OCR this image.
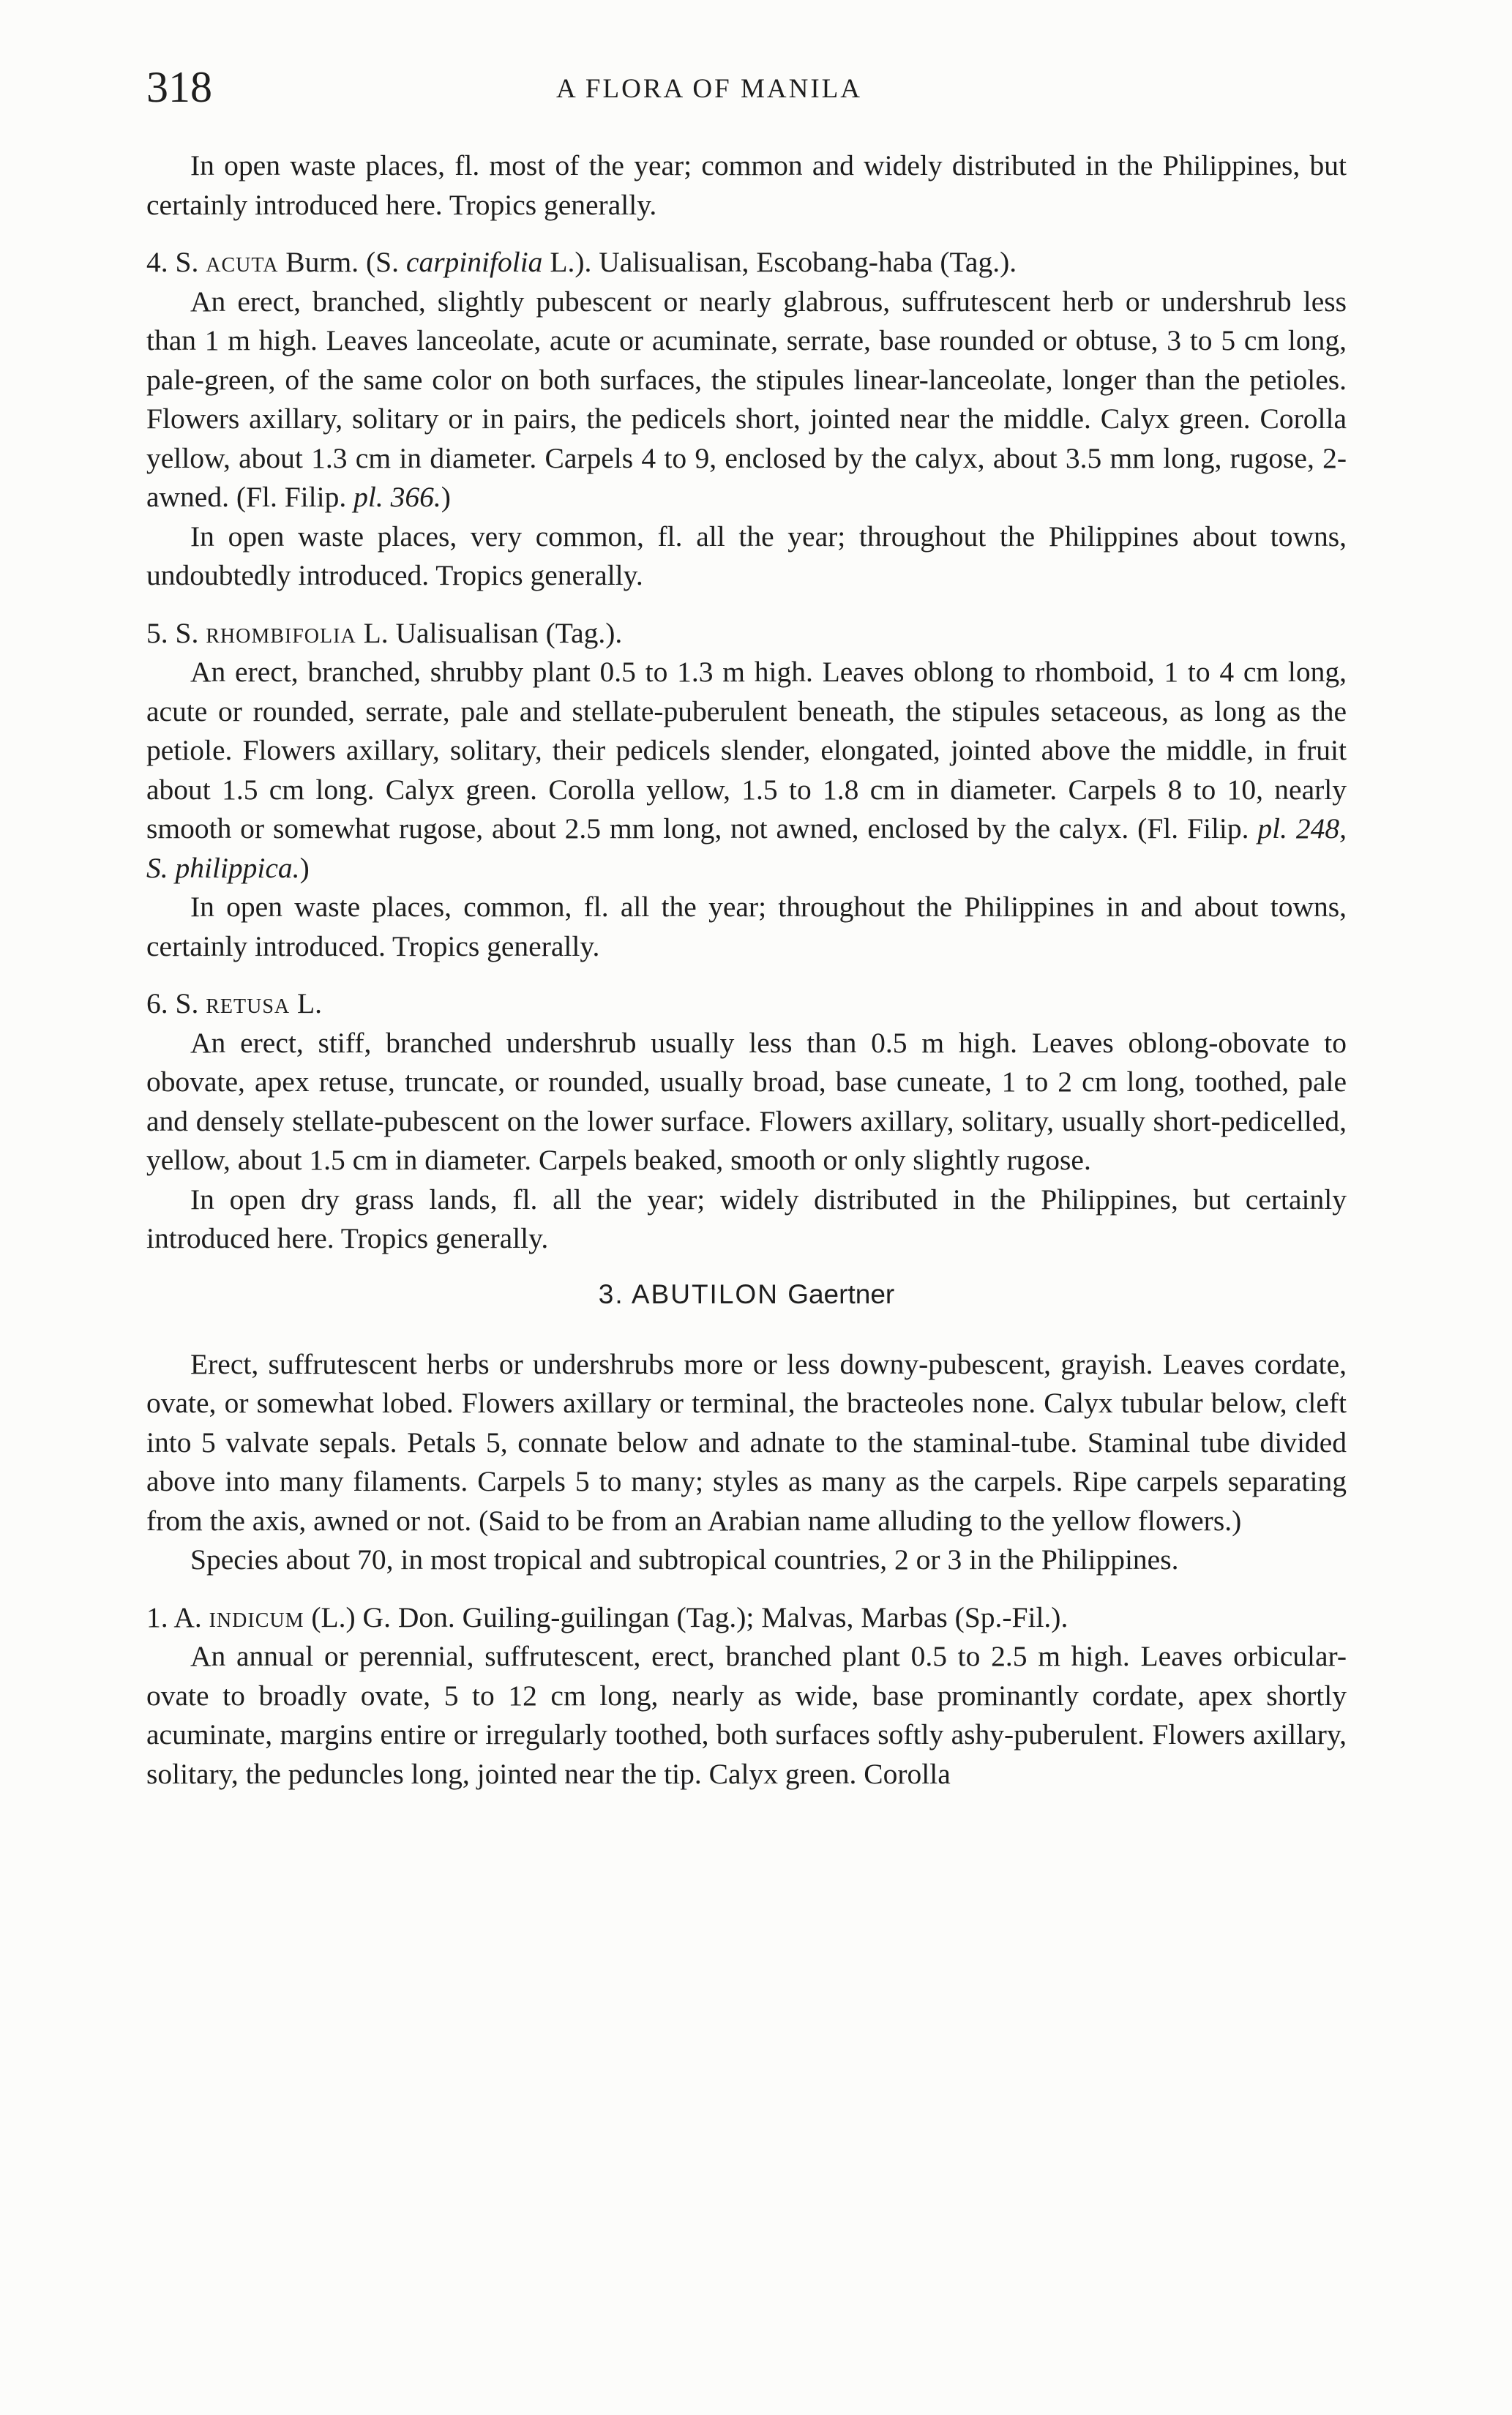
318	A FLORA OF MANILA

In open waste places, fl. most of the year; common and widely distributed in the Philippines, but certainly introduced here. Tropics generally.

4. S. acuta Burm. (S. carpinifolia L.). Ualisualisan, Escobang-haba (Tag.).

An erect, branched, slightly pubescent or nearly glabrous, suffrutescent herb or undershrub less than 1 m high. Leaves lanceolate, acute or acuminate, serrate, base rounded or obtuse, 3 to 5 cm long, pale-green, of the same color on both surfaces, the stipules linear-lanceolate, longer than the petioles. Flowers axillary, solitary or in pairs, the pedicels short, jointed near the middle. Calyx green. Corolla yellow, about 1.3 cm in diameter. Carpels 4 to 9, enclosed by the calyx, about 3.5 mm long, rugose, 2-awned. (Fl. Filip. pl. 366.)

In open waste places, very common, fl. all the year; throughout the Philippines about towns, undoubtedly introduced. Tropics generally.

5. S. rhombifolia L. Ualisualisan (Tag.).

An erect, branched, shrubby plant 0.5 to 1.3 m high. Leaves oblong to rhomboid, 1 to 4 cm long, acute or rounded, serrate, pale and stellate-puberulent beneath, the stipules setaceous, as long as the petiole. Flowers axillary, solitary, their pedicels slender, elongated, jointed above the middle, in fruit about 1.5 cm long. Calyx green. Corolla yellow, 1.5 to 1.8 cm in diameter. Carpels 8 to 10, nearly smooth or somewhat rugose, about 2.5 mm long, not awned, enclosed by the calyx. (Fl. Filip. pl. 248, S. philippica.)

In open waste places, common, fl. all the year; throughout the Philippines in and about towns, certainly introduced. Tropics generally.

6. S. retusa L.

An erect, stiff, branched undershrub usually less than 0.5 m high. Leaves oblong-obovate to obovate, apex retuse, truncate, or rounded, usually broad, base cuneate, 1 to 2 cm long, toothed, pale and densely stellate-pubescent on the lower surface. Flowers axillary, solitary, usually short-pedicelled, yellow, about 1.5 cm in diameter. Carpels beaked, smooth or only slightly rugose.

In open dry grass lands, fl. all the year; widely distributed in the Philippines, but certainly introduced here. Tropics generally.

3. ABUTILON Gaertner

Erect, suffrutescent herbs or undershrubs more or less downy-pubescent, grayish. Leaves cordate, ovate, or somewhat lobed. Flowers axillary or terminal, the bracteoles none. Calyx tubular below, cleft into 5 valvate sepals. Petals 5, connate below and adnate to the staminal-tube. Staminal tube divided above into many filaments. Carpels 5 to many; styles as many as the carpels. Ripe carpels separating from the axis, awned or not. (Said to be from an Arabian name alluding to the yellow flowers.)

Species about 70, in most tropical and subtropical countries, 2 or 3 in the Philippines.

1. A. indicum (L.) G. Don. Guiling-guilingan (Tag.); Malvas, Marbas (Sp.-Fil.).

An annual or perennial, suffrutescent, erect, branched plant 0.5 to 2.5 m high. Leaves orbicular-ovate to broadly ovate, 5 to 12 cm long, nearly as wide, base prominantly cordate, apex shortly acuminate, margins entire or irregularly toothed, both surfaces softly ashy-puberulent. Flowers axillary, solitary, the peduncles long, jointed near the tip. Calyx green. Corolla
